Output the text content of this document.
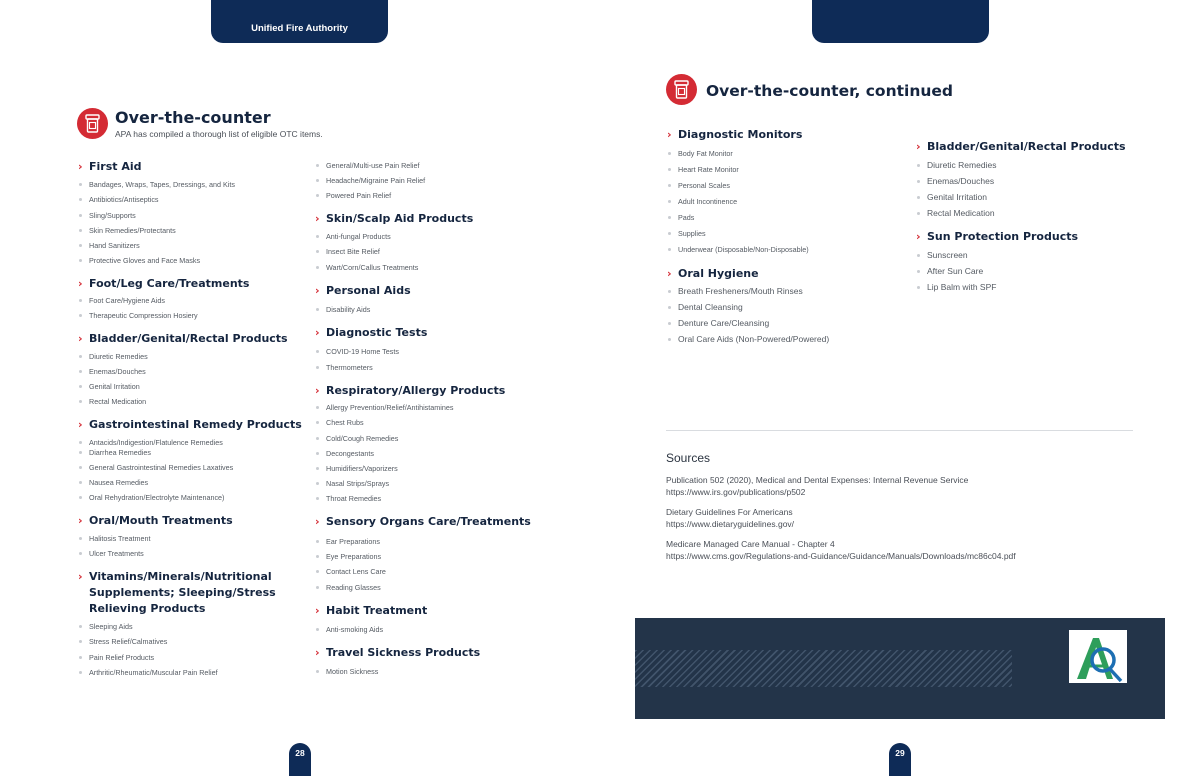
Unified Fire Authority
Over-the-counter
APA has compiled a thorough list of eligible OTC items.
› First Aid
Bandages, Wraps, Tapes, Dressings, and Kits
Antibiotics/Antiseptics
Sling/Supports
Skin Remedies/Protectants
Hand Sanitizers
Protective Gloves and Face Masks
› Foot/Leg Care/Treatments
Foot Care/Hygiene Aids
Therapeutic Compression Hosiery
› Bladder/Genital/Rectal Products
Diuretic Remedies
Enemas/Douches
Genital Irritation
Rectal Medication
› Gastrointestinal Remedy Products
Antacids/Indigestion/Flatulence Remedies
Diarrhea Remedies
General Gastrointestinal Remedies Laxatives
Nausea Remedies
Oral Rehydration/Electrolyte Maintenance)
› Oral/Mouth Treatments
Halitosis Treatment
Ulcer Treatments
› Vitamins/Minerals/Nutritional
Supplements; Sleeping/Stress
Relieving Products
Sleeping Aids
Stress Relief/Calmatives
Pain Relief Products
Arthritic/Rheumatic/Muscular Pain Relief
General/Multi-use Pain Relief
Headache/Migraine Pain Relief
Powered Pain Relief
› Skin/Scalp Aid Products
Anti-fungal Products
Insect Bite Relief
Wart/Corn/Callus Treatments
› Personal Aids
Disability Aids
› Diagnostic Tests
COVID-19 Home Tests
Thermometers
› Respiratory/Allergy Products
Allergy Prevention/Relief/Antihistamines
Chest Rubs
Cold/Cough Remedies
Decongestants
Humidifiers/Vaporizers
Nasal Strips/Sprays
Throat Remedies
› Sensory Organs Care/Treatments
Ear Preparations
Eye Preparations
Contact Lens Care
Reading Glasses
› Habit Treatment
Anti-smoking Aids
› Travel Sickness Products
Motion Sickness
28
Over-the-counter, continued
› Diagnostic Monitors
Body Fat Monitor
Heart Rate Monitor
Personal Scales
Adult Incontinence
Pads
Supplies
Underwear (Disposable/Non-Disposable)
› Oral Hygiene
Breath Fresheners/Mouth Rinses
Dental Cleansing
Denture Care/Cleansing
Oral Care Aids (Non-Powered/Powered)
› Bladder/Genital/Rectal Products
Diuretic Remedies
Enemas/Douches
Genital Irritation
Rectal Medication
› Sun Protection Products
Sunscreen
After Sun Care
Lip Balm with SPF
Sources
Publication 502 (2020), Medical and Dental Expenses: Internal Revenue Service
https://www.irs.gov/publications/p502
Dietary Guidelines For Americans
https://www.dietaryguidelines.gov/
Medicare Managed Care Manual - Chapter 4
https://www.cms.gov/Regulations-and-Guidance/Guidance/Manuals/Downloads/mc86c04.pdf
29
